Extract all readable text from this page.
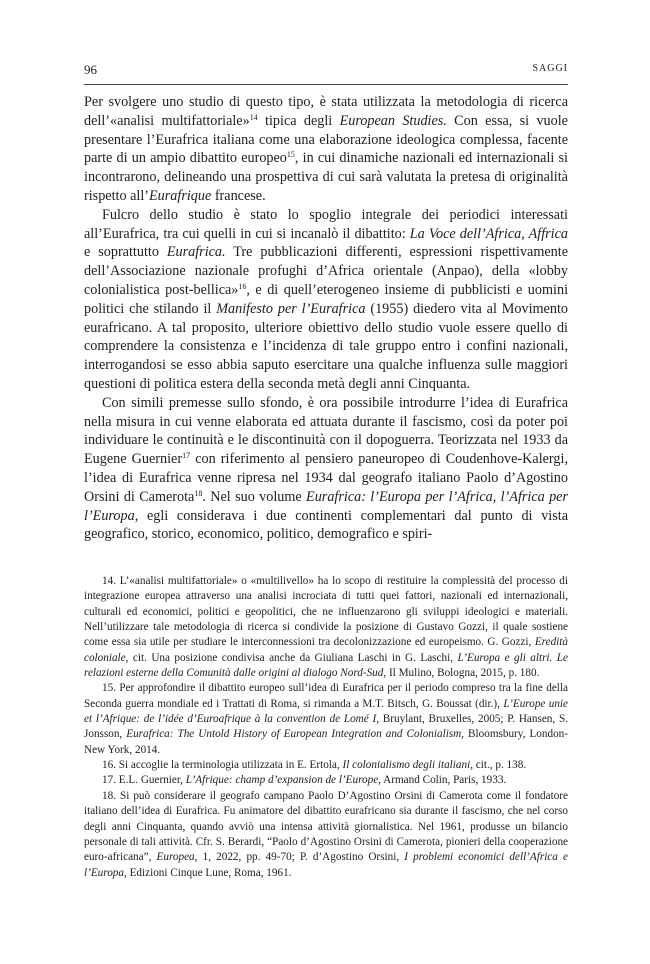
96	SAGGI

Per svolgere uno studio di questo tipo, è stata utilizzata la metodologia di ricerca dell’«analisi multifattoriale»$^{14}$ tipica degli European Studies. Con essa, si vuole presentare l’Eurafrica italiana come una elaborazione ideologica complessa, facente parte di un ampio dibattito europeo$^{15}$, in cui dinamiche nazionali ed internazionali si incontrarono, delineando una prospettiva di cui sarà valutata la pretesa di originalità rispetto all’Eurafrique francese.

Fulcro dello studio è stato lo spoglio integrale dei periodici interessati all’Eurafrica, tra cui quelli in cui si incanalò il dibattito: La Voce dell’Africa, Affrica e soprattutto Eurafrica. Tre pubblicazioni differenti, espressioni rispettivamente dell’Associazione nazionale profughi d’Africa orientale (Anpao), della «lobby colonialistica post-bellica»$^{16}$, e di quell’eterogeneo insieme di pubblicisti e uomini politici che stilando il Manifesto per l’Eurafrica (1955) diedero vita al Movimento eurafricano. A tal proposito, ulteriore obiettivo dello studio vuole essere quello di comprendere la consistenza e l’incidenza di tale gruppo entro i confini nazionali, interrogandosi se esso abbia saputo esercitare una qualche influenza sulle maggiori questioni di politica estera della seconda metà degli anni Cinquanta.

Con simili premesse sullo sfondo, è ora possibile introdurre l’idea di Eurafrica nella misura in cui venne elaborata ed attuata durante il fascismo, così da poter poi individuare le continuità e le discontinuità con il dopoguerra. Teorizzata nel 1933 da Eugene Guernier$^{17}$ con riferimento al pensiero paneuropeo di Coudenhove-Kalergi, l’idea di Eurafrica venne ripresa nel 1934 dal geografo italiano Paolo d’Agostino Orsini di Camerota$^{18}$. Nel suo volume Eurafrica: l’Europa per l’Africa, l’Africa per l’Europa, egli considerava i due continenti complementari dal punto di vista geografico, storico, economico, politico, demografico e spiri-

14. L’«analisi multifattoriale» o «multilivello» ha lo scopo di restituire la complessità del processo di integrazione europea attraverso una analisi incrociata di tutti quei fattori, nazionali ed internazionali, culturali ed economici, politici e geopolitici, che ne influenzarono gli sviluppi ideologici e materiali. Nell’utilizzare tale metodologia di ricerca si condivide la posizione di Gustavo Gozzi, il quale sostiene come essa sia utile per studiare le interconnessioni tra decolonizzazione ed europeismo. G. Gozzi, Eredità coloniale, cit. Una posizione condivisa anche da Giuliana Laschi in G. Laschi, L’Europa e gli altri. Le relazioni esterne della Comunità dalle origini al dialogo Nord-Sud, Il Mulino, Bologna, 2015, p. 180.

15. Per approfondire il dibattito europeo sull’idea di Eurafrica per il periodo compreso tra la fine della Seconda guerra mondiale ed i Trattati di Roma, si rimanda a M.T. Bitsch, G. Boussat (dir.), L’Europe unie et l’Afrique: de l’idée d’Euroafrique à la convention de Lomé I, Bruylant, Bruxelles, 2005; P. Hansen, S. Jonsson, Eurafrica: The Untold History of European Integration and Colonialism, Bloomsbury, London-New York, 2014.

16. Si accoglie la terminologia utilizzata in E. Ertola, Il colonialismo degli italiani, cit., p. 138.

17. E.L. Guernier, L’Afrique: champ d’expansion de l’Europe, Armand Colin, Paris, 1933.

18. Si può considerare il geografo campano Paolo D’Agostino Orsini di Camerota come il fondatore italiano dell’idea di Eurafrica. Fu animatore del dibattito eurafricano sia durante il fascismo, che nel corso degli anni Cinquanta, quando avviò una intensa attività giornalistica. Nel 1961, produsse un bilancio personale di tali attività. Cfr. S. Berardi, “Paolo d’Agostino Orsini di Camerota, pionieri della cooperazione euro-africana”, Europea, 1, 2022, pp. 49-70; P. d’Agostino Orsini, I problemi economici dell’Africa e l’Europa, Edizioni Cinque Lune, Roma, 1961.
